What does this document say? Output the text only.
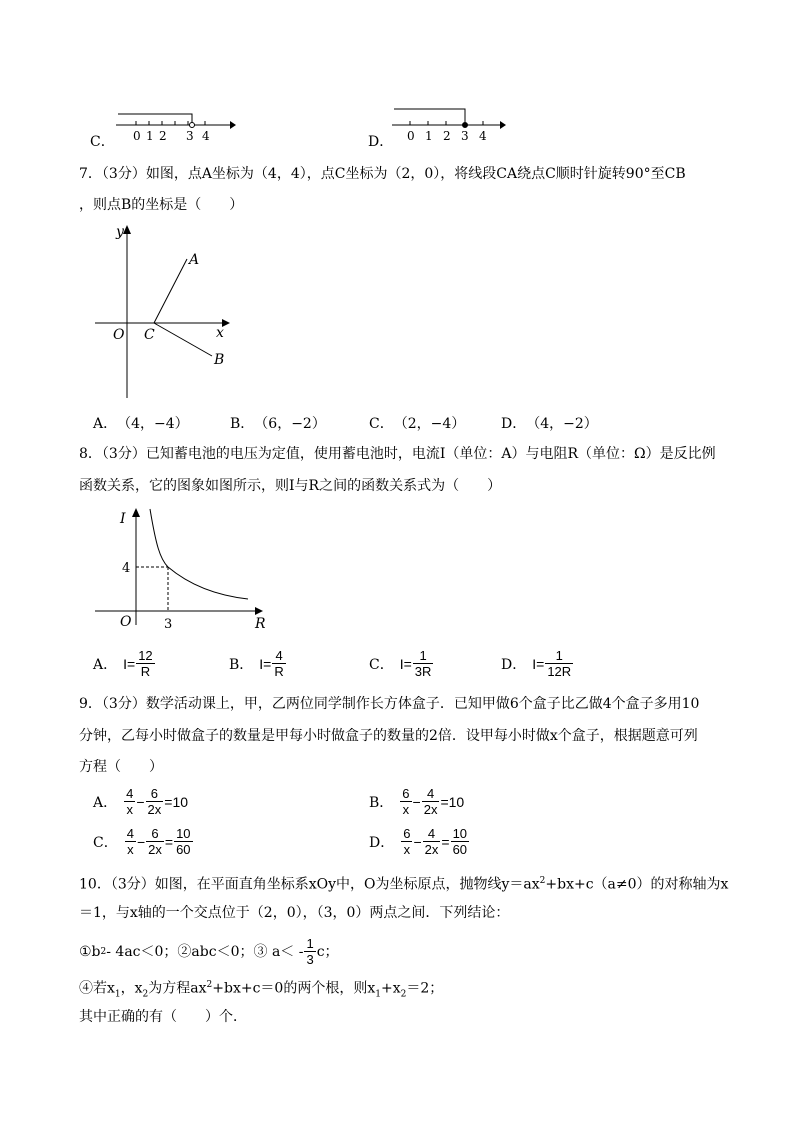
C． 0 1 2 3 4	D． 0 1 2 3 4
7．（3分）如图，点A坐标为（4，4），点C坐标为（2，0），将线段CA绕点C顺时针旋转90°至CB
，则点B的坐标是（　　）
y
x
O C
A
B
A． （4，−4）	B． （6，−2）	C． （2，−4）	D． （4，−2）
8．（3分）已知蓄电池的电压为定值，使用蓄电池时，电流I（单位：A）与电阻R（单位：Ω）是反比例
函数关系，它的图象如图所示，则I与R之间的函数关系式为（　　）
I
R
O
4
3
A． $I= \frac{12}{R}$	B． $I= \frac{4}{R}$	C． $I= \frac{1}{3R}$	D． $I= \frac{1}{12R}$
9．（3分）数学活动课上，甲，乙两位同学制作长方体盒子．已知甲做6个盒子比乙做4个盒子多用10
分钟，乙每小时做盒子的数量是甲每小时做盒子的数量的2倍．设甲每小时做x个盒子，根据题意可列
方程（　　）
A． $\frac{4}{x} - \frac{6}{2x} =10$	B． $\frac{6}{x} - \frac{4}{2x} =10$
C． $\frac{4}{x} - \frac{6}{2x} = \frac{10}{60}$	D． $\frac{6}{x} - \frac{4}{2x} = \frac{10}{60}$
10．（3分）如图，在平面直角坐标系xOy中，O为坐标原点，抛物线$y=ax^2+bx+c(a\ne 0)$的对称轴为x
＝1，与x轴的一个交点位于（2，0），（3，0）两点之间．下列结论：
①b 2 - 4ac＜0；②abc＜0；③ $a< - \frac{1}{3}$ c；
④若$x_1$，$x_2$为方程$ax^2+bx+c=0$的两个根，则$x_1+x_2=2$；
其中正确的有（　　）个．
